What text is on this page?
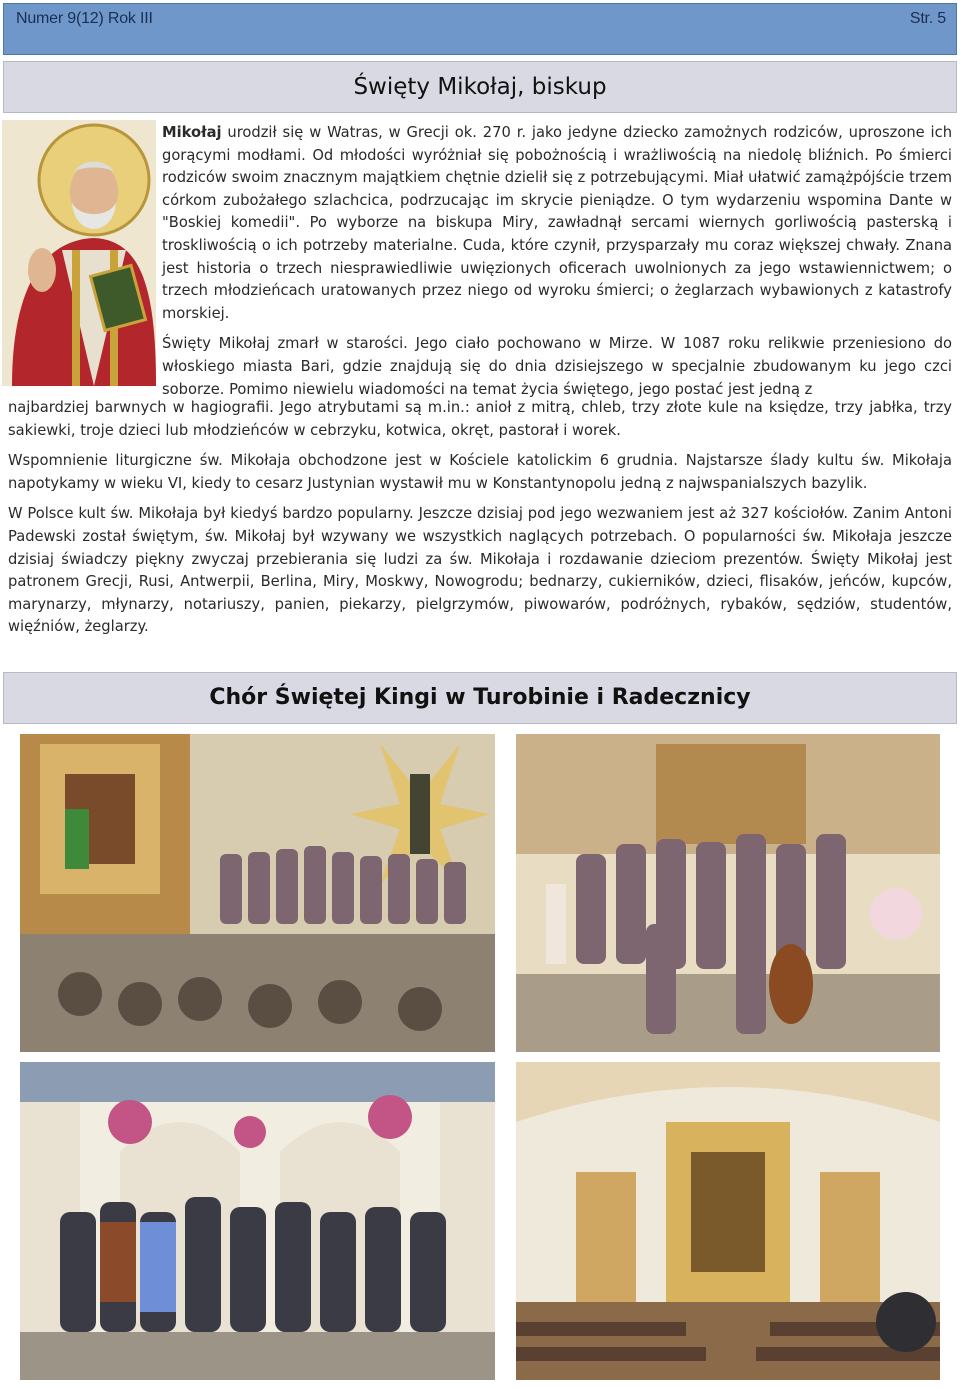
Numer 9(12) Rok III	Str. 5
Święty Mikołaj, biskup

Mikołaj urodził się w Watras, w Grecji ok. 270 r. jako jedyne dziecko zamożnych rodziców, uproszone ich gorącymi modłami. Od młodości wyróżniał się pobożnością i wrażliwością na niedolę bliźnich. Po śmierci rodziców swoim znacznym majątkiem chętnie dzielił się z potrzebującymi. Miał ułatwić zamążpójście trzem córkom zubożałego szlachcica, podrzucając im skrycie pieniądze. O tym wydarzeniu wspomina Dante w "Boskiej komedii". Po wyborze na biskupa Miry, zawładnął sercami wiernych gorliwością pasterską i troskliwością o ich potrzeby materialne. Cuda, które czynił, przysparzały mu coraz większej chwały. Znana jest historia o trzech niesprawiedliwie uwięzionych oficerach uwolnionych za jego wstawiennictwem; o trzech młodzieńcach uratowanych przez niego od wyroku śmierci; o żeglarzach wybawionych z katastrofy morskiej.

Święty Mikołaj zmarł w starości. Jego ciało pochowano w Mirze. W 1087 roku relikwie przeniesiono do włoskiego miasta Bari, gdzie znajdują się do dnia dzisiejszego w specjalnie zbudowanym ku jego czci soborze. Pomimo niewielu wiadomości na temat życia świętego, jego postać jest jedną z

najbardziej barwnych w hagiografii. Jego atrybutami są m.in.: anioł z mitrą, chleb, trzy złote kule na księdze, trzy jabłka, trzy sakiewki, troje dzieci lub młodzieńców w cebrzyku, kotwica, okręt, pastorał i worek.

Wspomnienie liturgiczne św. Mikołaja obchodzone jest w Kościele katolickim 6 grudnia. Najstarsze ślady kultu św. Mikołaja napotykamy w wieku VI, kiedy to cesarz Justynian wystawił mu w Konstantynopolu jedną z najwspanialszych bazylik.

W Polsce kult św. Mikołaja był kiedyś bardzo popularny. Jeszcze dzisiaj pod jego wezwaniem jest aż 327 kościołów. Zanim Antoni Padewski został świętym, św. Mikołaj był wzywany we wszystkich naglących potrzebach. O popularności św. Mikołaja jeszcze dzisiaj świadczy piękny zwyczaj przebierania się ludzi za św. Mikołaja i rozdawanie dzieciom prezentów. Święty Mikołaj jest patronem Grecji, Rusi, Antwerpii, Berlina, Miry, Moskwy, Nowogrodu; bednarzy, cukierników, dzieci, flisaków, jeńców, kupców, marynarzy, młynarzy, notariuszy, panien, piekarzy, pielgrzymów, piwowarów, podróżnych, rybaków, sędziów, studentów, więźniów, żeglarzy.

Chór Świętej Kingi w Turobinie i Radecznicy
